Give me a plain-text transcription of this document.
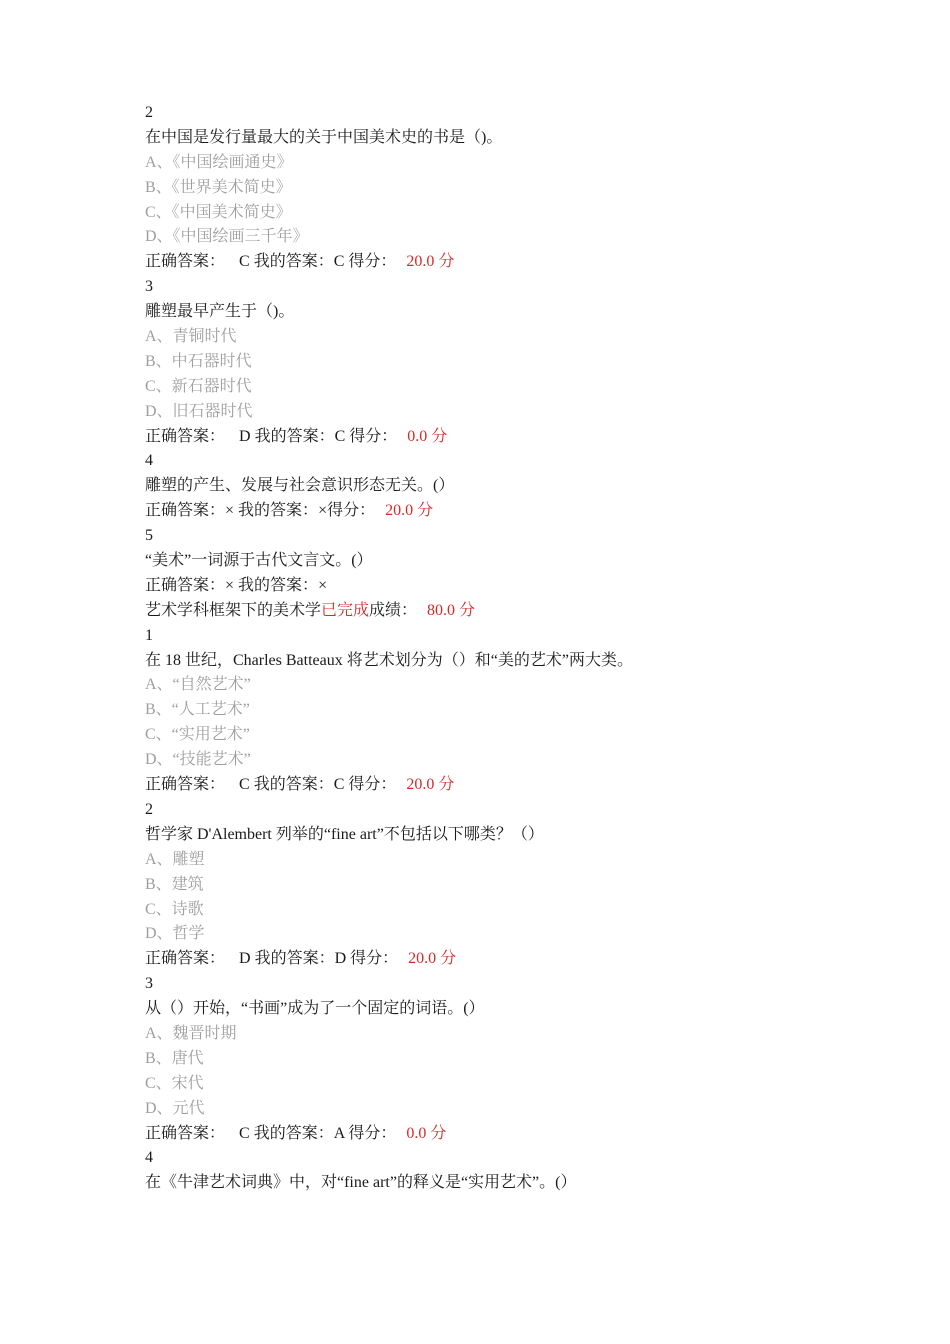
2
在中国是发行量最大的关于中国美术史的书是（)。
A、《中国绘画通史》
B、《世界美术简史》
C、《中国美术简史》
D、《中国绘画三千年》
正确答案： C 我的答案：C 得分： 20.0 分
3
雕塑最早产生于（)。
A、青铜时代
B、中石器时代
C、新石器时代
D、旧石器时代
正确答案： D 我的答案：C 得分： 0.0 分
4
雕塑的产生、发展与社会意识形态无关。(）
正确答案：× 我的答案：×得分： 20.0 分
5
“美术”一词源于古代文言文。(）
正确答案：× 我的答案：×
艺术学科框架下的美术学已完成成绩： 80.0 分
1
在 18 世纪，Charles Batteaux 将艺术划分为（）和“美的艺术”两大类。
A、“自然艺术”
B、“人工艺术”
C、“实用艺术”
D、“技能艺术”
正确答案： C 我的答案：C 得分： 20.0 分
2
哲学家 D'Alembert 列举的“fine art”不包括以下哪类？（）
A、雕塑
B、建筑
C、诗歌
D、哲学
正确答案： D 我的答案：D 得分： 20.0 分
3
从（）开始，“书画”成为了一个固定的词语。(）
A、魏晋时期
B、唐代
C、宋代
D、元代
正确答案： C 我的答案：A 得分： 0.0 分
4
在《牛津艺术词典》中，对“fine art”的释义是“实用艺术”。(）
